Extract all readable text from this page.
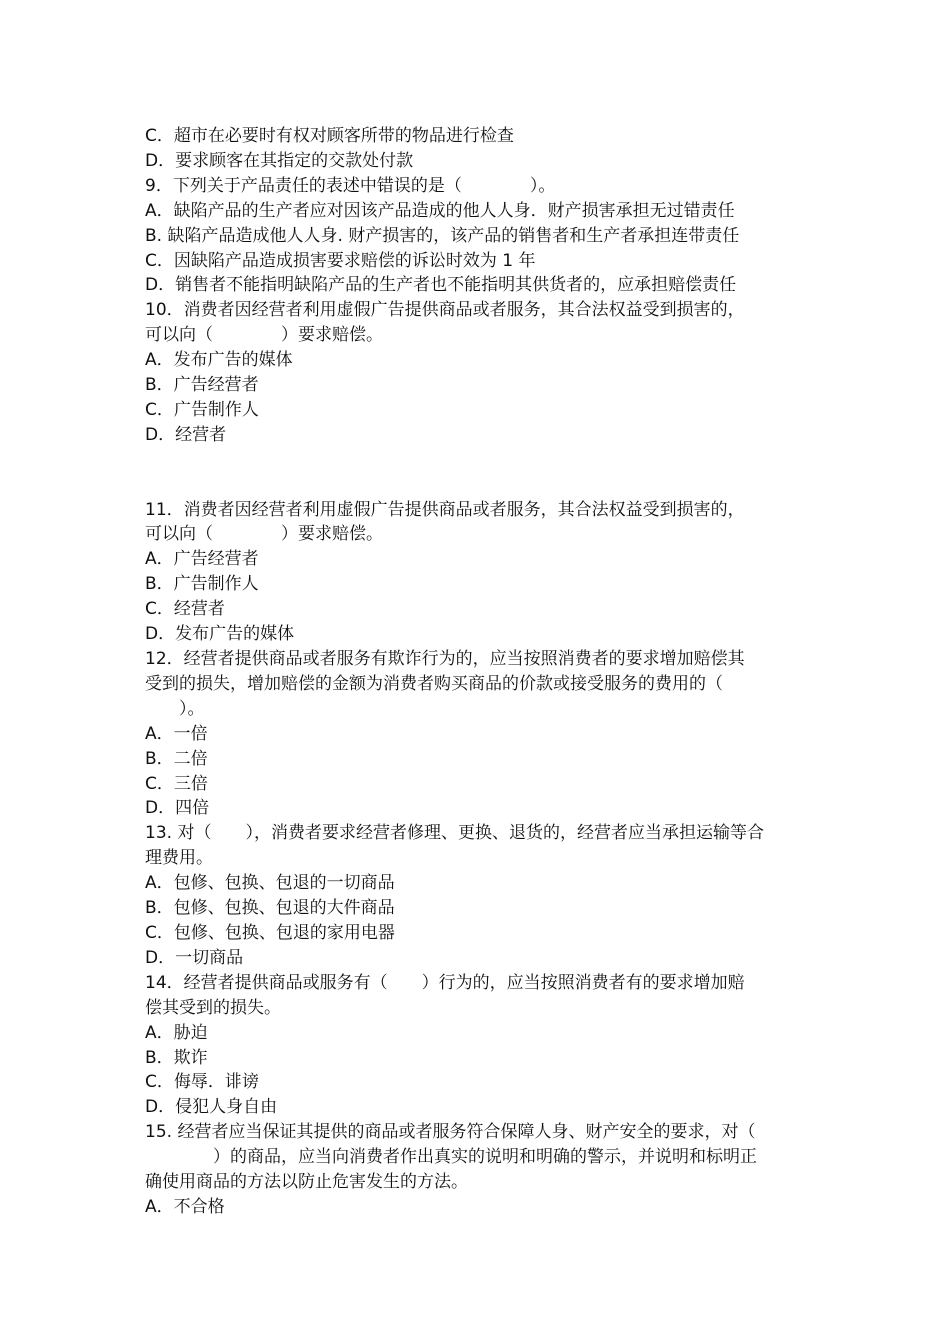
C．超市在必要时有权对顾客所带的物品进行检查

D．要求顾客在其指定的交款处付款

9．下列关于产品责任的表述中错误的是（　　　　）。

A．缺陷产品的生产者应对因该产品造成的他人人身．财产损害承担无过错责任

B. 缺陷产品造成他人人身. 财产损害的，该产品的销售者和生产者承担连带责任

C．因缺陷产品造成损害要求赔偿的诉讼时效为 1 年

D．销售者不能指明缺陷产品的生产者也不能指明其供货者的，应承担赔偿责任

10．消费者因经营者利用虚假广告提供商品或者服务，其合法权益受到损害的，

可以向（　　　　）要求赔偿。

A．发布广告的媒体

B．广告经营者

C．广告制作人

D．经营者

11．消费者因经营者利用虚假广告提供商品或者服务，其合法权益受到损害的，

可以向（　　　　）要求赔偿。

A．广告经营者

B．广告制作人

C．经营者

D．发布广告的媒体

12．经营者提供商品或者服务有欺诈行为的，应当按照消费者的要求增加赔偿其

受到的损失，增加赔偿的金额为消费者购买商品的价款或接受服务的费用的（

　　）。

A．一倍

B．二倍

C．三倍

D．四倍

13. 对（　　），消费者要求经营者修理、更换、退货的，经营者应当承担运输等合

理费用。

A．包修、包换、包退的一切商品

B．包修、包换、包退的大件商品

C．包修、包换、包退的家用电器

D．一切商品

14．经营者提供商品或服务有（　　）行为的，应当按照消费者有的要求增加赔

偿其受到的损失。

A．胁迫

B．欺诈

C．侮辱．诽谤

D．侵犯人身自由

15. 经营者应当保证其提供的商品或者服务符合保障人身、财产安全的要求，对（

　　　　）的商品，应当向消费者作出真实的说明和明确的警示，并说明和标明正

确使用商品的方法以防止危害发生的方法。

A．不合格
